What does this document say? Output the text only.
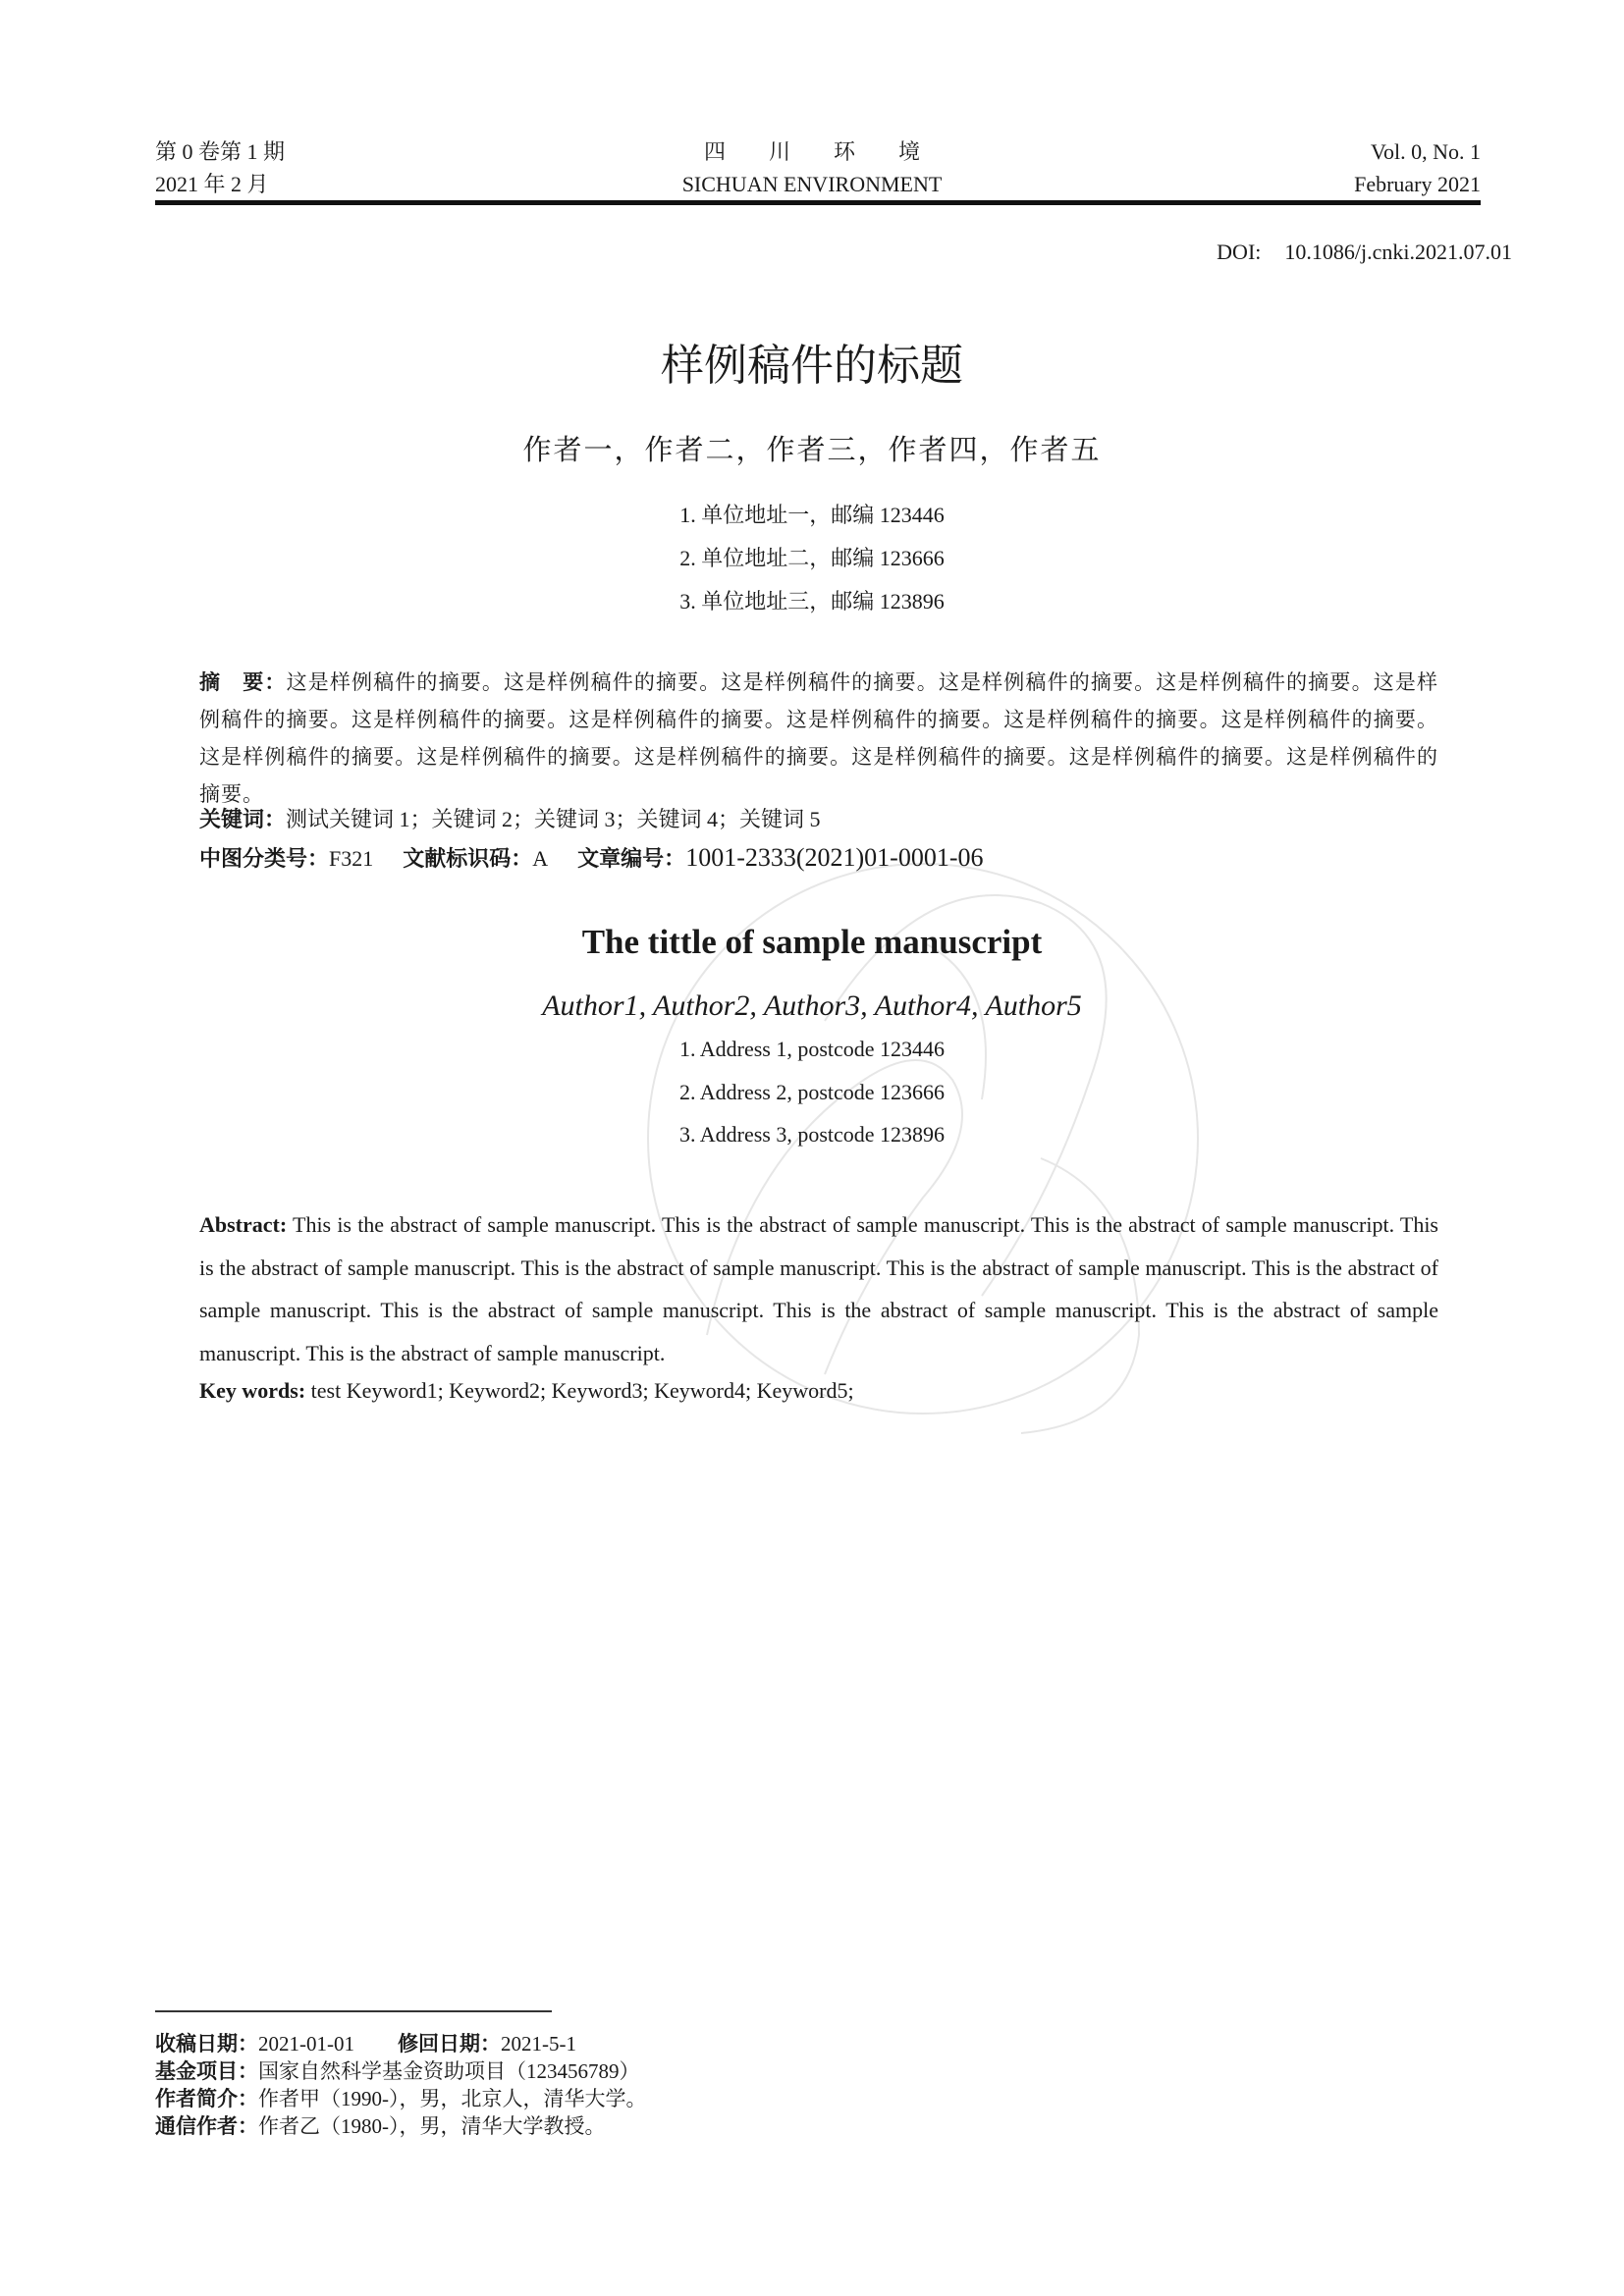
第 0 卷第 1 期
2021 年 2 月
四川环境
SICHUAN ENVIRONMENT
Vol. 0, No. 1
February 2021
DOI: 10.1086/j.cnki.2021.07.01
样例稿件的标题
作者一，作者二，作者三，作者四，作者五
1. 单位地址一，邮编 123446
2. 单位地址二，邮编 123666
3. 单位地址三，邮编 123896
摘　要：这是样例稿件的摘要。这是样例稿件的摘要。这是样例稿件的摘要。这是样例稿件的摘要。这是样例稿件的摘要。这是样例稿件的摘要。这是样例稿件的摘要。这是样例稿件的摘要。这是样例稿件的摘要。这是样例稿件的摘要。这是样例稿件的摘要。这是样例稿件的摘要。这是样例稿件的摘要。这是样例稿件的摘要。这是样例稿件的摘要。这是样例稿件的摘要。这是样例稿件的摘要。
关键词：测试关键词 1；关键词 2；关键词 3；关键词 4；关键词 5
中图分类号：F321 文献标识码：A 文章编号：1001-2333(2021)01-0001-06
The tittle of sample manuscript
Author1, Author2, Author3, Author4, Author5
1. Address 1, postcode 123446
2. Address 2, postcode 123666
3. Address 3, postcode 123896
Abstract: This is the abstract of sample manuscript. This is the abstract of sample manuscript. This is the abstract of sample manuscript. This is the abstract of sample manuscript. This is the abstract of sample manuscript. This is the abstract of sample manuscript. This is the abstract of sample manuscript. This is the abstract of sample manuscript. This is the abstract of sample manuscript. This is the abstract of sample manuscript. This is the abstract of sample manuscript.
Key words: test Keyword1; Keyword2; Keyword3; Keyword4; Keyword5;
收稿日期：2021-01-01 修回日期：2021-5-1
基金项目：国家自然科学基金资助项目（123456789）
作者简介：作者甲（1990-），男，北京人，清华大学。
通信作者：作者乙（1980-），男，清华大学教授。
